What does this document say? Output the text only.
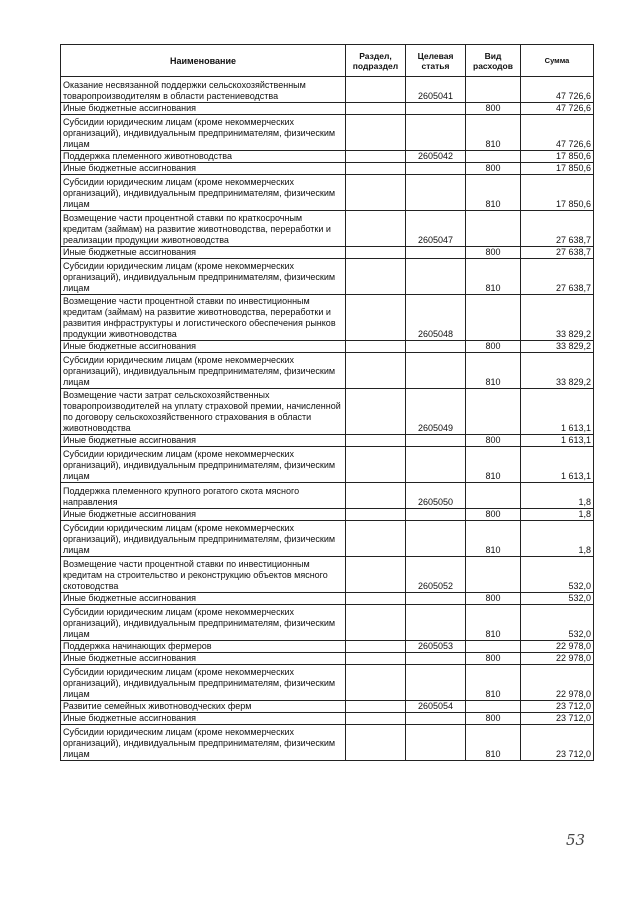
Наименование	Раздел, подраздел	Целевая статья	Вид расходов	Сумма
Оказание несвязанной поддержки сельскохозяйственным товаропроизводителям в области растениеводства		2605041		47 726,6
Иные бюджетные ассигнования			800	47 726,6
Субсидии юридическим лицам (кроме некоммерческих организаций), индивидуальным предпринимателям, физическим лицам			810	47 726,6
Поддержка племенного животноводства		2605042		17 850,6
Иные бюджетные ассигнования			800	17 850,6
Субсидии юридическим лицам (кроме некоммерческих организаций), индивидуальным предпринимателям, физическим лицам			810	17 850,6
Возмещение части процентной ставки по краткосрочным кредитам (займам) на развитие животноводства, переработки и реализации продукции животноводства		2605047		27 638,7
Иные бюджетные ассигнования			800	27 638,7
Субсидии юридическим лицам (кроме некоммерческих организаций), индивидуальным предпринимателям, физическим лицам			810	27 638,7
Возмещение части процентной ставки по инвестиционным кредитам (займам) на развитие животноводства, переработки и развития инфраструктуры и логистического обеспечения рынков продукции животноводства		2605048		33 829,2
Иные бюджетные ассигнования			800	33 829,2
Субсидии юридическим лицам (кроме некоммерческих организаций), индивидуальным предпринимателям, физическим лицам			810	33 829,2
Возмещение части затрат сельскохозяйственных товаропроизводителей на уплату страховой премии, начисленной по договору сельскохозяйственного страхования в области животноводства		2605049		1 613,1
Иные бюджетные ассигнования			800	1 613,1
Субсидии юридическим лицам (кроме некоммерческих организаций), индивидуальным предпринимателям, физическим лицам			810	1 613,1
Поддержка племенного крупного рогатого скота мясного направления		2605050		1,8
Иные бюджетные ассигнования			800	1,8
Субсидии юридическим лицам (кроме некоммерческих организаций), индивидуальным предпринимателям, физическим лицам			810	1,8
Возмещение части процентной ставки по инвестиционным кредитам на строительство и реконструкцию объектов мясного скотоводства		2605052		532,0
Иные бюджетные ассигнования			800	532,0
Субсидии юридическим лицам (кроме некоммерческих организаций), индивидуальным предпринимателям, физическим лицам			810	532,0
Поддержка начинающих фермеров		2605053		22 978,0
Иные бюджетные ассигнования			800	22 978,0
Субсидии юридическим лицам (кроме некоммерческих организаций), индивидуальным предпринимателям, физическим лицам			810	22 978,0
Развитие семейных животноводческих ферм		2605054		23 712,0
Иные бюджетные ассигнования			800	23 712,0
Субсидии юридическим лицам (кроме некоммерческих организаций), индивидуальным предпринимателям, физическим лицам			810	23 712,0
53
